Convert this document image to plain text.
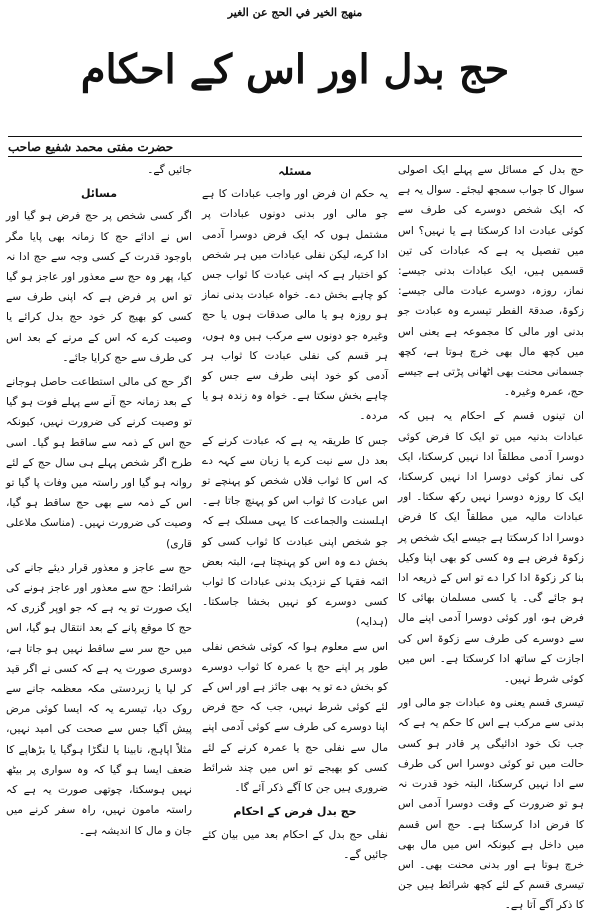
منهج الخير في الحج عن الغير
حج بدل اور اس کے احکام
حضرت مفتی محمد شفیع صاحب

حج بدل کے مسائل سے پہلے ایک اصولی سوال کا جواب سمجھ لیجئے۔ سوال یہ ہے کہ ایک شخص دوسرے کی طرف سے کوئی عبادت ادا کرسکتا ہے یا نہیں؟ اس میں تفصیل یہ ہے کہ عبادات کی تین قسمیں ہیں، ایک عبادات بدنی جیسے: نماز، روزہ، دوسرے عبادت مالی جیسے: زکوۃ، صدقۃ الفطر تیسرے وہ عبادت جو بدنی اور مالی کا مجموعہ ہے یعنی اس میں کچھ مال بھی خرچ ہوتا ہے، کچھ جسمانی محنت بھی اٹھانی پڑتی ہے جیسے حج، عمرہ وغیرہ۔

ان تینوں قسم کے احکام یہ ہیں کہ عبادات بدنیہ میں تو ایک کا فرض کوئی دوسرا آدمی مطلقاً ادا نہیں کرسکتا، ایک کی نماز کوئی دوسرا ادا نہیں کرسکتا، ایک کا روزہ دوسرا نہیں رکھ سکتا۔ اور عبادات مالیہ میں مطلقاً ایک کا فرض دوسرا ادا کرسکتا ہے جیسے ایک شخص پر زکوۃ فرض ہے وہ کسی کو بھی اپنا وکیل بنا کر زکوۃ ادا کرا دے تو اس کے ذریعہ ادا ہو جائے گی۔ یا کسی مسلمان بھائی کا فرض ہو، اور کوئی دوسرا آدمی اپنے مال سے دوسرے کی طرف سے زکوۃ اس کی اجازت کے ساتھ ادا کرسکتا ہے۔ اس میں کوئی شرط نہیں۔

تیسری قسم یعنی وہ عبادات جو مالی اور بدنی سے مرکب ہے اس کا حکم یہ ہے کہ جب تک خود ادائیگی پر قادر ہو کسی حالت میں تو کوئی دوسرا اس کی طرف سے ادا نہیں کرسکتا، البتہ خود قدرت نہ ہو تو ضرورت کے وقت دوسرا آدمی اس کا فرض ادا کرسکتا ہے۔ حج اس قسم میں داخل ہے کیونکہ اس میں مال بھی خرچ ہوتا ہے اور بدنی محنت بھی۔ اس تیسری قسم کے لئے کچھ شرائط ہیں جن کا ذکر آگے آتا ہے۔

مسئلہ

یہ حکم ان فرض اور واجب عبادات کا ہے جو مالی اور بدنی دونوں عبادات پر مشتمل ہوں کہ ایک فرض دوسرا آدمی ادا کرے، لیکن نفلی عبادات میں ہر شخص کو اختیار ہے کہ اپنی عبادت کا ثواب جس کو چاہے بخش دے۔ خواہ عبادت بدنی نماز ہو روزہ ہو یا مالی صدقات ہوں یا حج وغیرہ جو دونوں سے مرکب ہیں وہ ہوں، ہر قسم کی نفلی عبادت کا ثواب ہر آدمی کو خود اپنی طرف سے جس کو چاہے بخش سکتا ہے۔ خواہ وہ زندہ ہو یا مردہ۔

جس کا طریقہ یہ ہے کہ عبادت کرنے کے بعد دل سے نیت کرے یا زبان سے کہہ دے کہ اس کا ثواب فلاں شخص کو پہنچے تو اس عبادت کا ثواب اس کو پہنچ جاتا ہے۔ اہلسنت والجماعت کا یہی مسلک ہے کہ جو شخص اپنی عبادت کا ثواب کسی کو بخش دے وہ اس کو پہنچتا ہے، البتہ بعض ائمہ فقہا کے نزدیک بدنی عبادات کا ثواب کسی دوسرے کو نہیں بخشا جاسکتا۔ (ہدایہ)

اس سے معلوم ہوا کہ کوئی شخص نفلی طور پر اپنے حج یا عمرہ کا ثواب دوسرے کو بخش دے تو یہ بھی جائز ہے اور اس کے لئے کوئی شرط نہیں، جب کہ حج فرض اپنا دوسرے کی طرف سے کوئی آدمی اپنے مال سے نفلی حج یا عمرہ کرنے کے لئے کسی کو بھیجے تو اس میں چند شرائط ضروری ہیں جن کا آگے ذکر آئے گا۔

حج بدل فرض کے احکام

نفلی حج بدل کے احکام بعد میں بیان کئے جائیں گے۔

جائیں گے۔

مسائل

اگر کسی شخص پر حج فرض ہو گیا اور اس نے ادائے حج کا زمانہ بھی پایا مگر باوجود قدرت کے کسی وجہ سے حج ادا نہ کیا، پھر وہ حج سے معذور اور عاجز ہو گیا تو اس پر فرض ہے کہ اپنی طرف سے کسی کو بھیج کر خود حج بدل کرائے یا وصیت کرے کہ اس کے مرنے کے بعد اس کی طرف سے حج کرایا جائے۔

اگر حج کی مالی استطاعت حاصل ہوجانے کے بعد زمانہ حج آنے سے پہلے فوت ہو گیا تو وصیت کرنے کی ضرورت نہیں، کیونکہ حج اس کے ذمہ سے ساقط ہو گیا۔ اسی طرح اگر شخص پہلے ہی سال حج کے لئے روانہ ہو گیا اور راستہ میں وفات پا گیا تو اس کے ذمہ سے بھی حج ساقط ہو گیا، وصیت کی ضرورت نہیں۔ (مناسک ملاعلی قاری)

حج سے عاجز و معذور قرار دیئے جانے کی شرائط: حج سے معذور اور عاجز ہونے کی ایک صورت تو یہ ہے کہ جو اوپر گزری کہ حج کا موقع پانے کے بعد انتقال ہو گیا، اس میں حج سر سے ساقط نہیں ہو جاتا ہے، دوسری صورت یہ ہے کہ کسی نے اگر قید کر لیا یا زبردستی مکہ معظمہ جانے سے روک دیا، تیسرے یہ کہ ایسا کوئی مرض پیش آگیا جس سے صحت کی امید نہیں، مثلاً اپاہج، نابینا یا لنگڑا ہوگیا یا بڑھاپے کا ضعف ایسا ہو گیا کہ وہ سواری پر بیٹھ نہیں ہوسکتا، چوتھی صورت یہ ہے کہ راستہ مامون نہیں، راہ سفر کرنے میں جان و مال کا اندیشہ ہے۔
